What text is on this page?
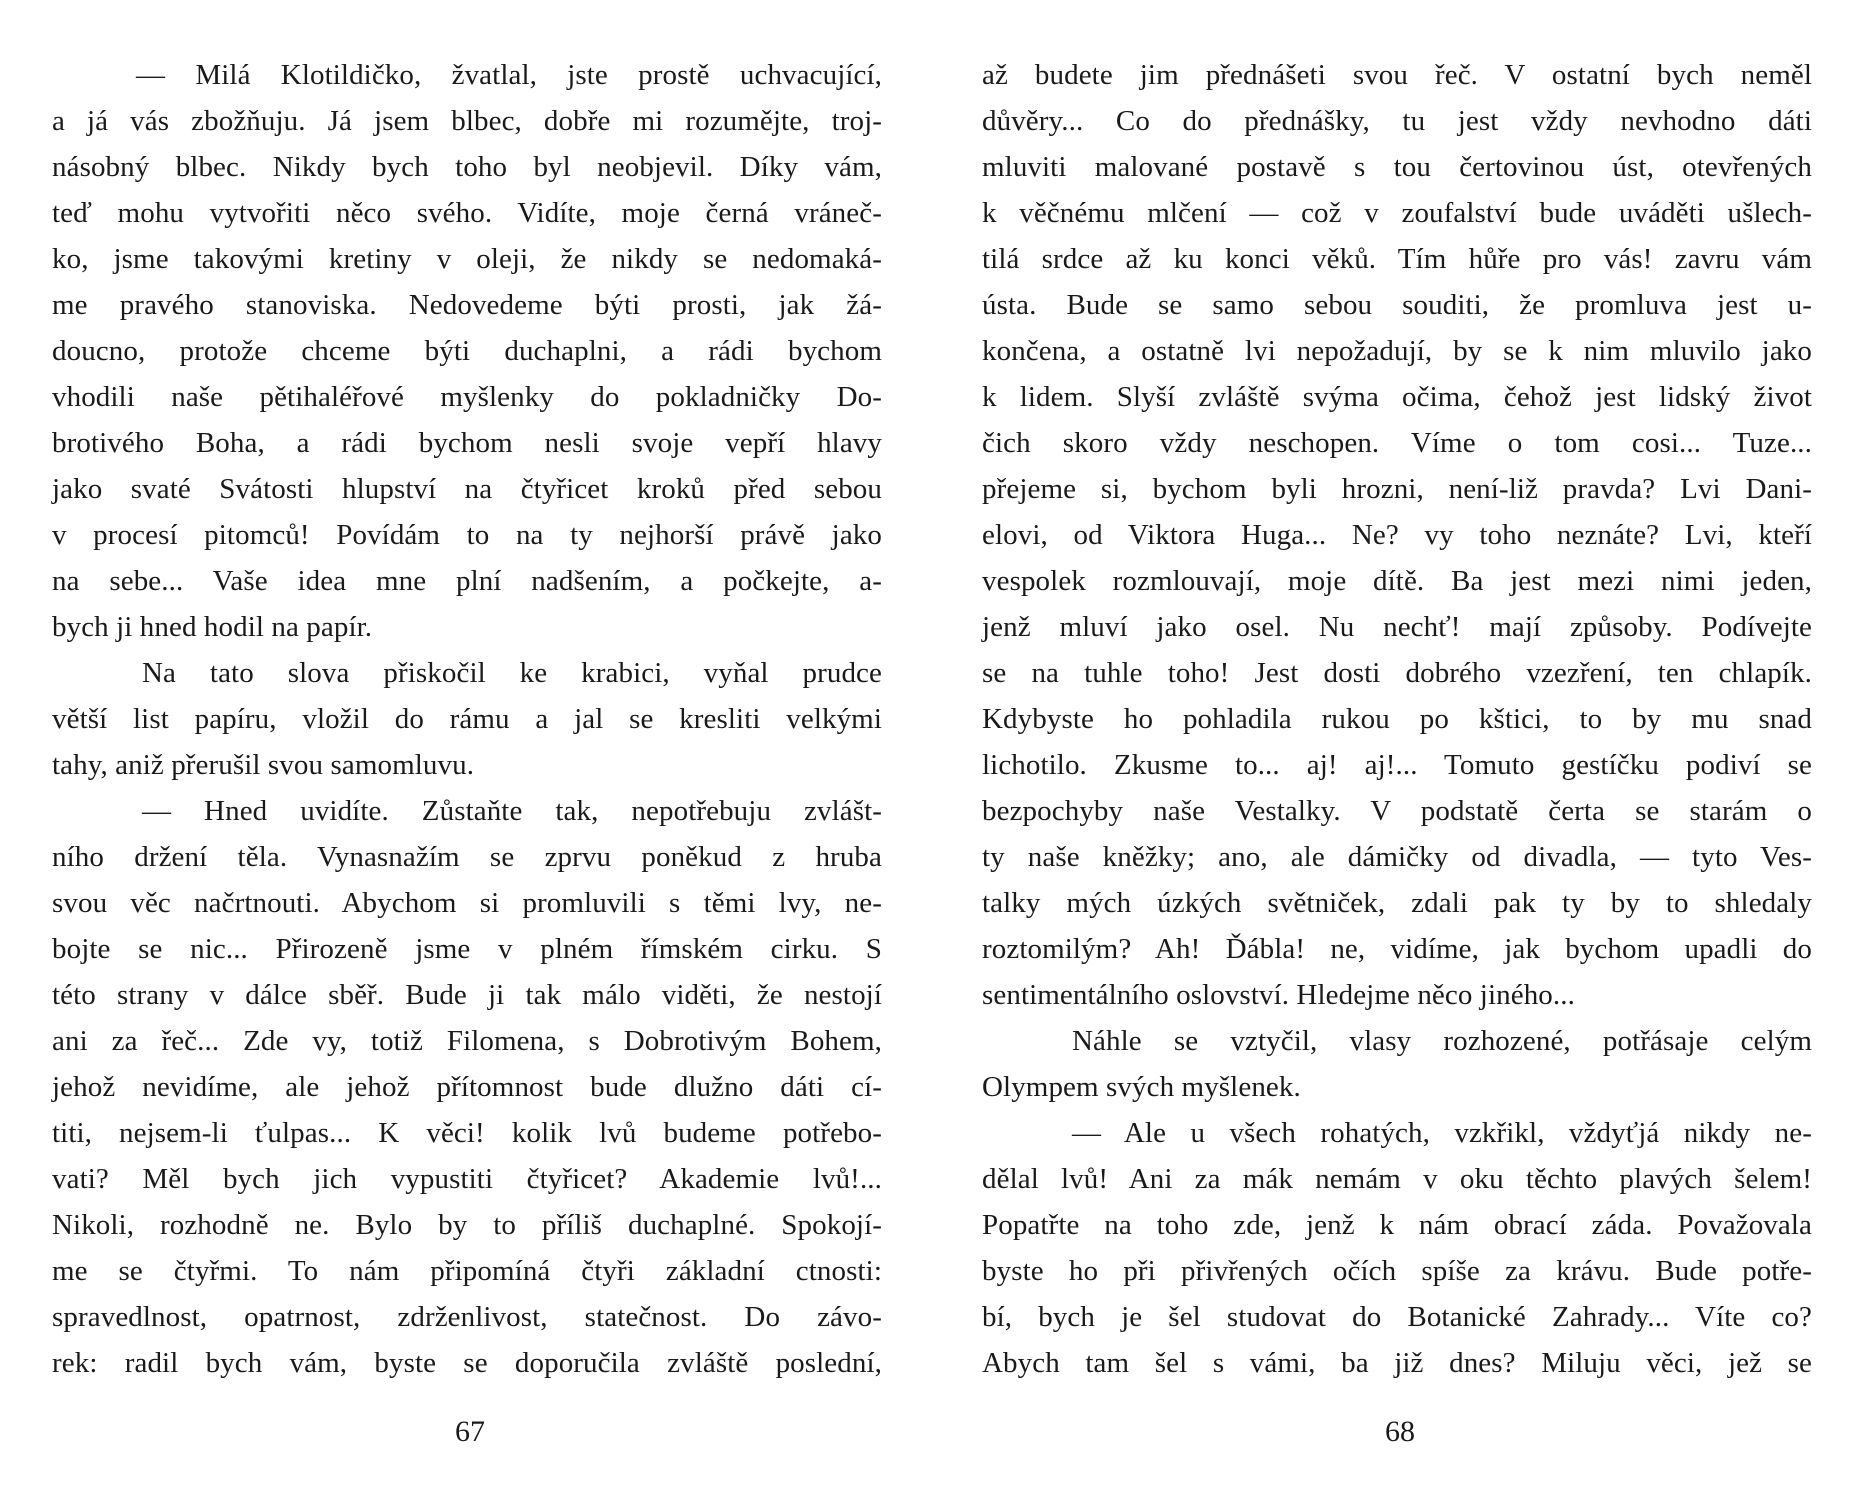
— Milá Klotildičko, žvatlal, jste prostě uchvacující,
a já vás zbožňuju. Já jsem blbec, dobře mi rozumějte, troj-
násobný blbec. Nikdy bych toho byl neobjevil. Díky vám,
teď mohu vytvořiti něco svého. Vidíte, moje černá vráneč-
ko, jsme takovými kretiny v oleji, že nikdy se nedomaká-
me pravého stanoviska. Nedovedeme býti prosti, jak žá-
doucno, protože chceme býti duchaplni, a rádi bychom
vhodili naše pětihaléřové myšlenky do pokladničky Do-
brotivého Boha, a rádi bychom nesli svoje vepří hlavy
jako svaté Svátosti hlupství na čtyřicet kroků před sebou
v procesí pitomců! Povídám to na ty nejhorší právě jako
na sebe... Vaše idea mne plní nadšením, a počkejte, a-
bych ji hned hodil na papír.
Na tato slova přiskočil ke krabici, vyňal prudce
větší list papíru, vložil do rámu a jal se kresliti velkými
tahy, aniž přerušil svou samomluvu.
— Hned uvidíte. Zůstaňte tak, nepotřebuju zvlášt-
ního držení těla. Vynasnažím se zprvu poněkud z hruba
svou věc načrtnouti. Abychom si promluvili s těmi lvy, ne-
bojte se nic... Přirozeně jsme v plném římském cirku. S
této strany v dálce sběř. Bude ji tak málo viděti, že nestojí
ani za řeč... Zde vy, totiž Filomena, s Dobrotivým Bohem,
jehož nevidíme, ale jehož přítomnost bude dlužno dáti cí-
titi, nejsem-li ťulpas... K věci! kolik lvů budeme potřebo-
vati? Měl bych jich vypustiti čtyřicet? Akademie lvů!...
Nikoli, rozhodně ne. Bylo by to příliš duchaplné. Spokojí-
me se čtyřmi. To nám připomíná čtyři základní ctnosti:
spravedlnost, opatrnost, zdrženlivost, statečnost. Do závo-
rek: radil bych vám, byste se doporučila zvláště poslední,
až budete jim přednášeti svou řeč. V ostatní bych neměl
důvěry... Co do přednášky, tu jest vždy nevhodno dáti
mluviti malované postavě s tou čertovinou úst, otevřených
k věčnému mlčení — což v zoufalství bude uváděti ušlech-
tilá srdce až ku konci věků. Tím hůře pro vás! zavru vám
ústa. Bude se samo sebou souditi, že promluva jest u-
končena, a ostatně lvi nepožadují, by se k nim mluvilo jako
k lidem. Slyší zvláště svýma očima, čehož jest lidský život
čich skoro vždy neschopen. Víme o tom cosi... Tuze...
přejeme si, bychom byli hrozni, není-liž pravda? Lvi Dani-
elovi, od Viktora Huga... Ne? vy toho neznáte? Lvi, kteří
vespolek rozmlouvají, moje dítě. Ba jest mezi nimi jeden,
jenž mluví jako osel. Nu nechť! mají způsoby. Podívejte
se na tuhle toho! Jest dosti dobrého vzezření, ten chlapík.
Kdybyste ho pohladila rukou po kštici, to by mu snad
lichotilo. Zkusme to... aj! aj!... Tomuto gestíčku podiví se
bezpochyby naše Vestalky. V podstatě čerta se starám o
ty naše kněžky; ano, ale dámičky od divadla, — tyto Ves-
talky mých úzkých světniček, zdali pak ty by to shledaly
roztomilým? Ah! Ďábla! ne, vidíme, jak bychom upadli do
sentimentálního oslovství. Hledejme něco jiného...
Náhle se vztyčil, vlasy rozhozené, potřásaje celým
Olympem svých myšlenek.
— Ale u všech rohatých, vzkřikl, vždyťjá nikdy ne-
dělal lvů! Ani za mák nemám v oku těchto plavých šelem!
Popatřte na toho zde, jenž k nám obrací záda. Považovala
byste ho při přivřených očích spíše za krávu. Bude potře-
bí, bych je šel studovat do Botanické Zahrady... Víte co?
Abych tam šel s vámi, ba již dnes? Miluju věci, jež se
67	68
